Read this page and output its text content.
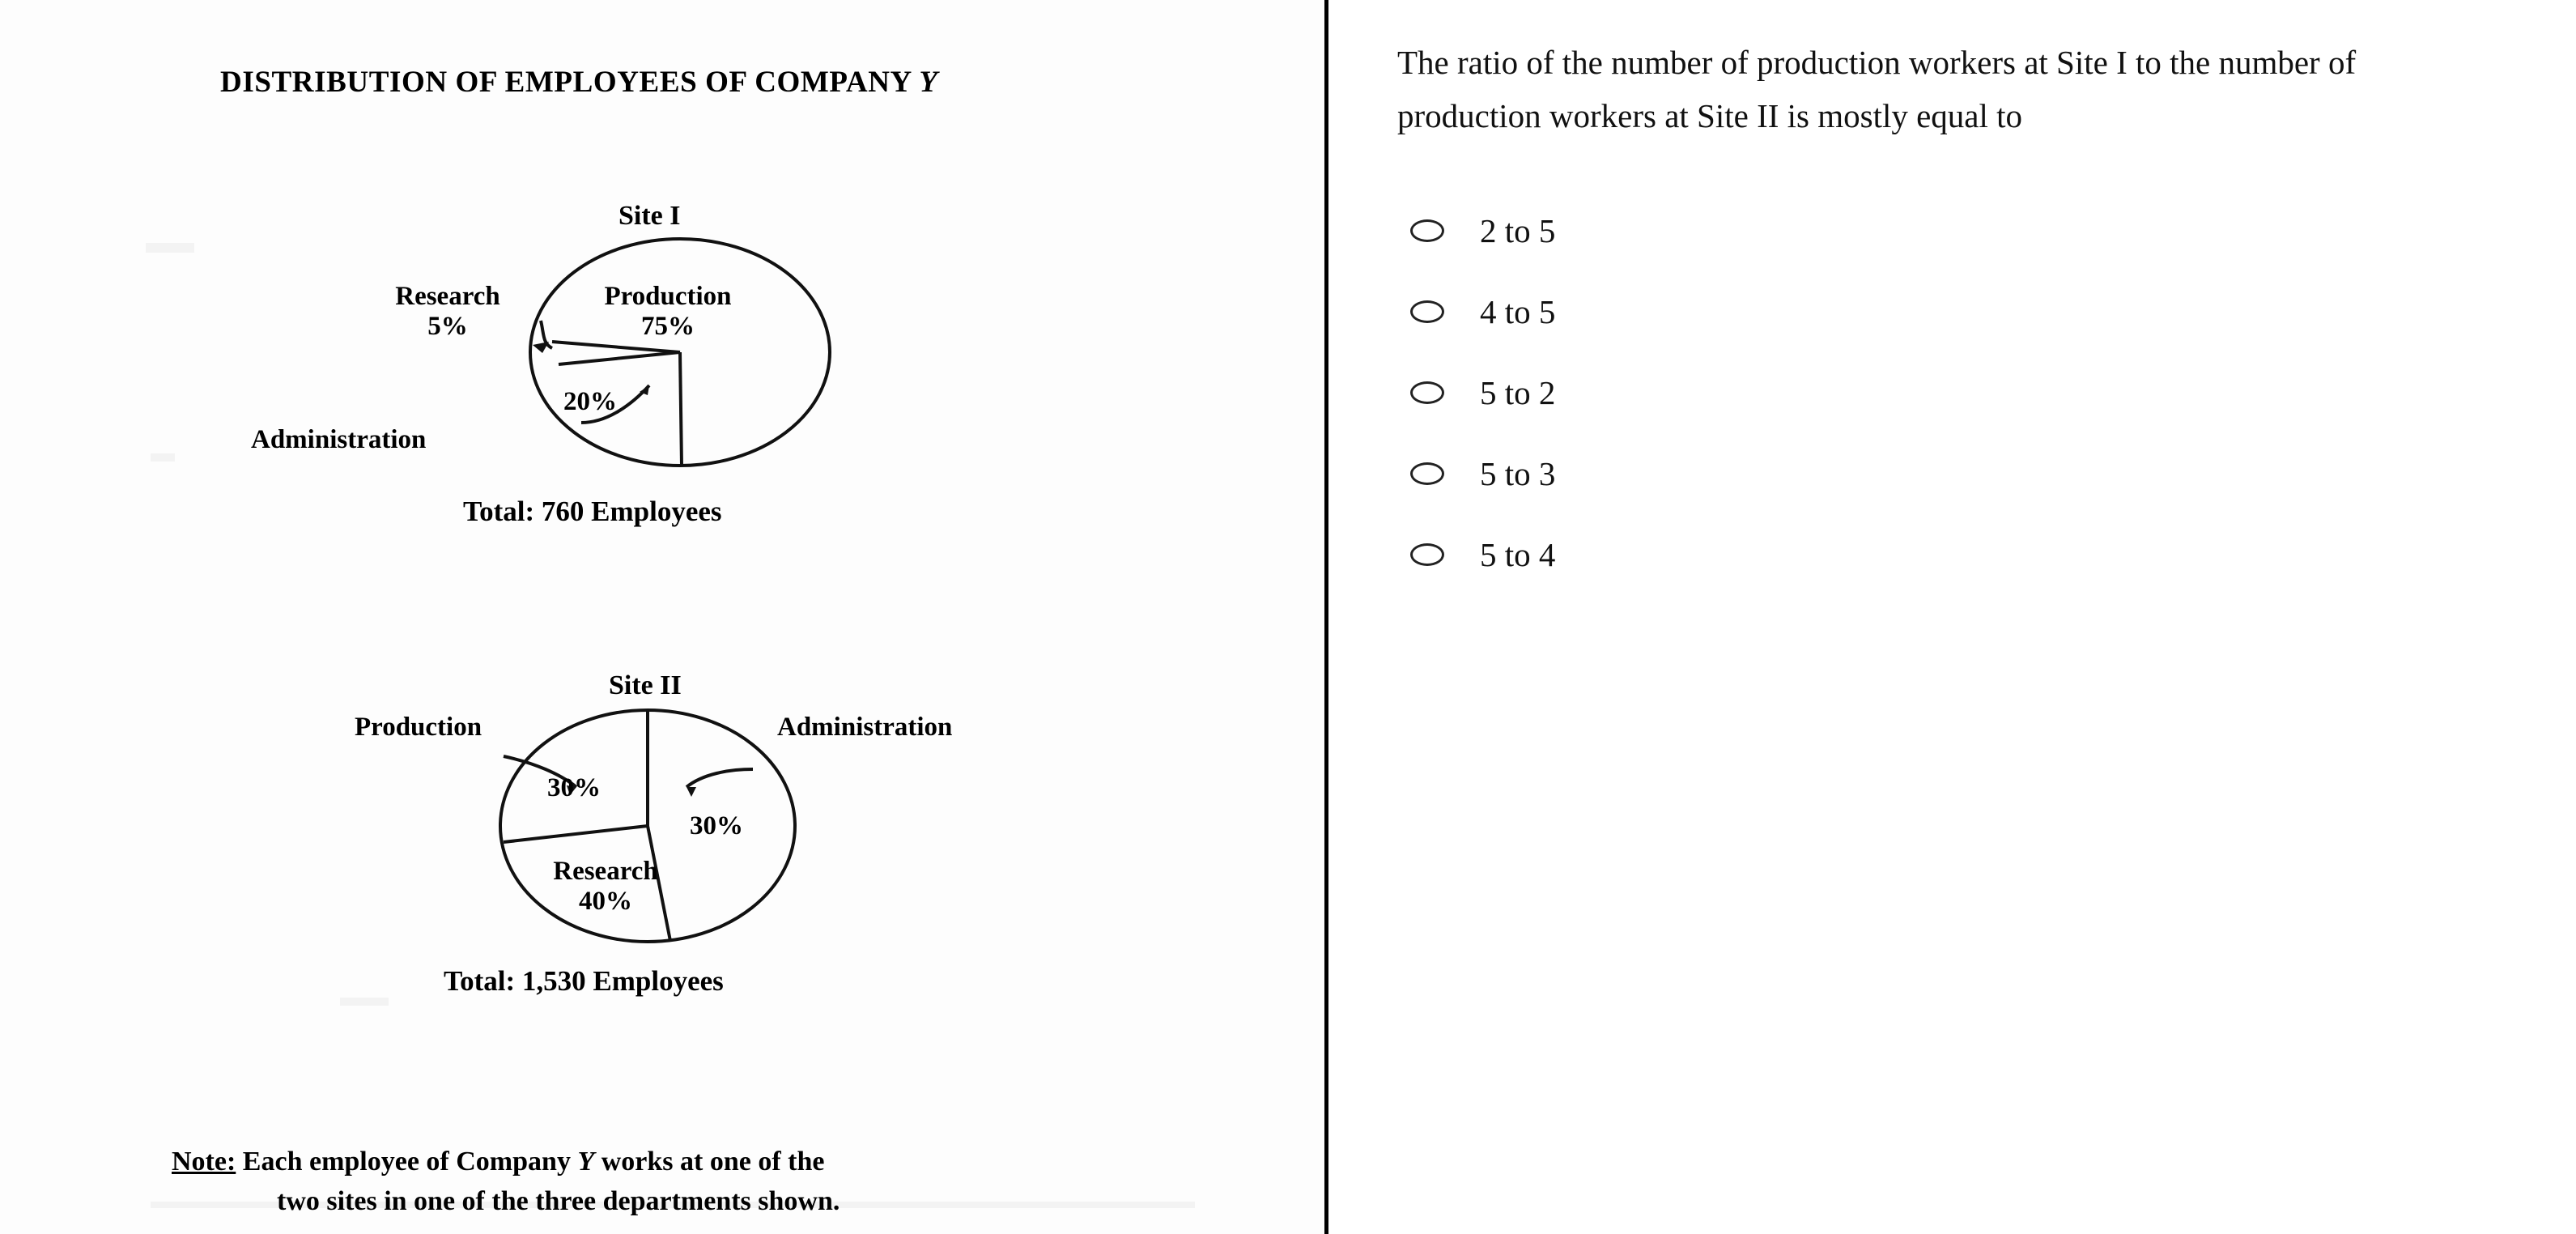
DISTRIBUTION OF EMPLOYEES OF COMPANY Y
Site I
Production
75%
Research
5%
Administration
20%
Total: 760 Employees
Site II
Production
30%
Administration
30%
Research
40%
Total: 1,530 Employees
Note: Each employee of Company Y works at one of the
two sites in one of the three departments shown.
The ratio of the number of production workers at Site I to the number of production workers at Site II is mostly equal to
2 to 5
4 to 5
5 to 2
5 to 3
5 to 4
